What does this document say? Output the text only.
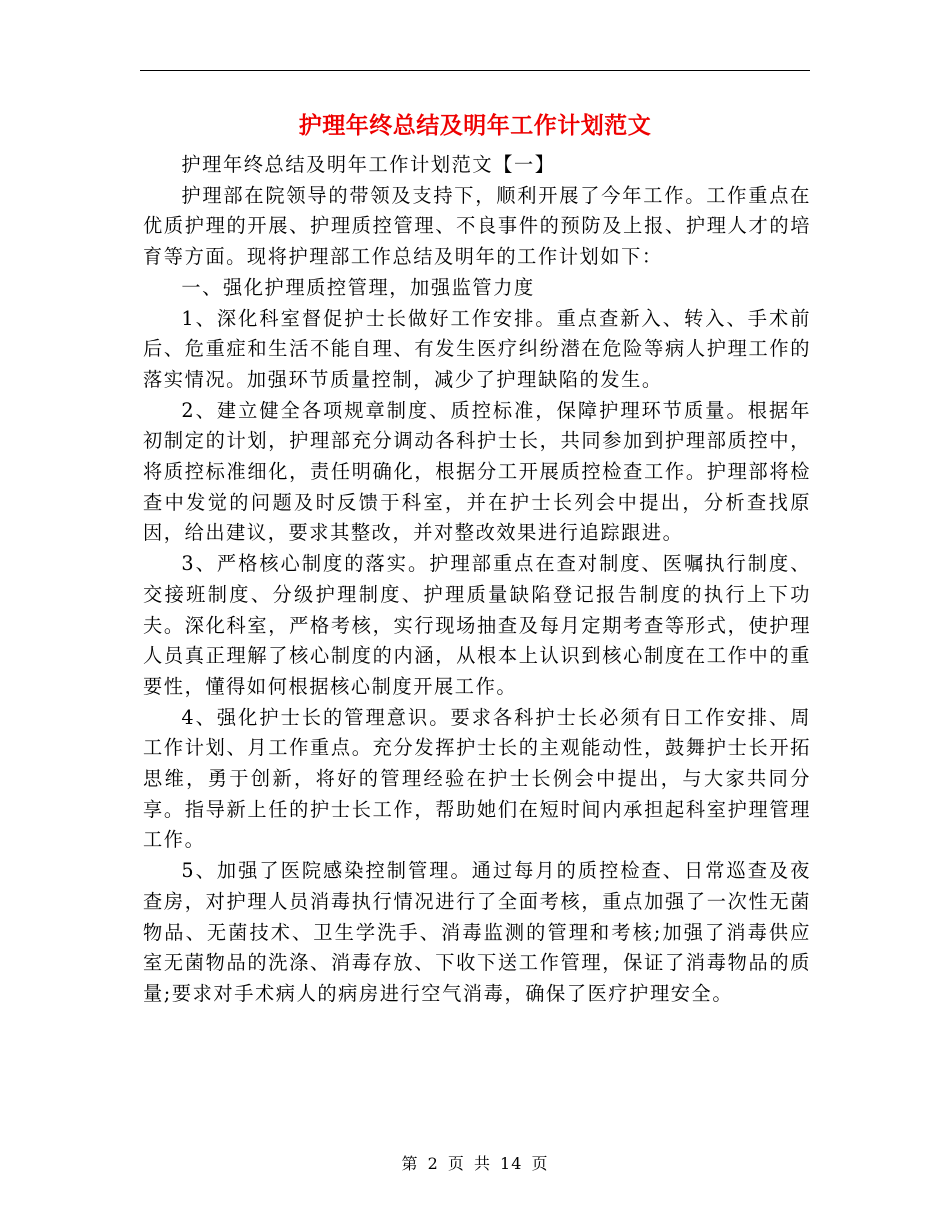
护理年终总结及明年工作计划范文

护理年终总结及明年工作计划范文【一】

护理部在院领导的带领及支持下，顺利开展了今年工作。工作重点在优质护理的开展、护理质控管理、不良事件的预防及上报、护理人才的培育等方面。现将护理部工作总结及明年的工作计划如下：

一、强化护理质控管理，加强监管力度

1、深化科室督促护士长做好工作安排。重点查新入、转入、手术前后、危重症和生活不能自理、有发生医疗纠纷潜在危险等病人护理工作的落实情况。加强环节质量控制，减少了护理缺陷的发生。

2、建立健全各项规章制度、质控标准，保障护理环节质量。根据年初制定的计划，护理部充分调动各科护士长，共同参加到护理部质控中，将质控标准细化，责任明确化，根据分工开展质控检查工作。护理部将检查中发觉的问题及时反馈于科室，并在护士长列会中提出，分析查找原因，给出建议，要求其整改，并对整改效果进行追踪跟进。

3、严格核心制度的落实。护理部重点在查对制度、医嘱执行制度、交接班制度、分级护理制度、护理质量缺陷登记报告制度的执行上下功夫。深化科室，严格考核，实行现场抽查及每月定期考查等形式，使护理人员真正理解了核心制度的内涵，从根本上认识到核心制度在工作中的重要性，懂得如何根据核心制度开展工作。

4、强化护士长的管理意识。要求各科护士长必须有日工作安排、周工作计划、月工作重点。充分发挥护士长的主观能动性，鼓舞护士长开拓思维，勇于创新，将好的管理经验在护士长例会中提出，与大家共同分享。指导新上任的护士长工作，帮助她们在短时间内承担起科室护理管理工作。

5、加强了医院感染控制管理。通过每月的质控检查、日常巡查及夜查房，对护理人员消毒执行情况进行了全面考核，重点加强了一次性无菌物品、无菌技术、卫生学洗手、消毒监测的管理和考核;加强了消毒供应室无菌物品的洗涤、消毒存放、下收下送工作管理，保证了消毒物品的质量;要求对手术病人的病房进行空气消毒，确保了医疗护理安全。

第 2 页 共 14 页
